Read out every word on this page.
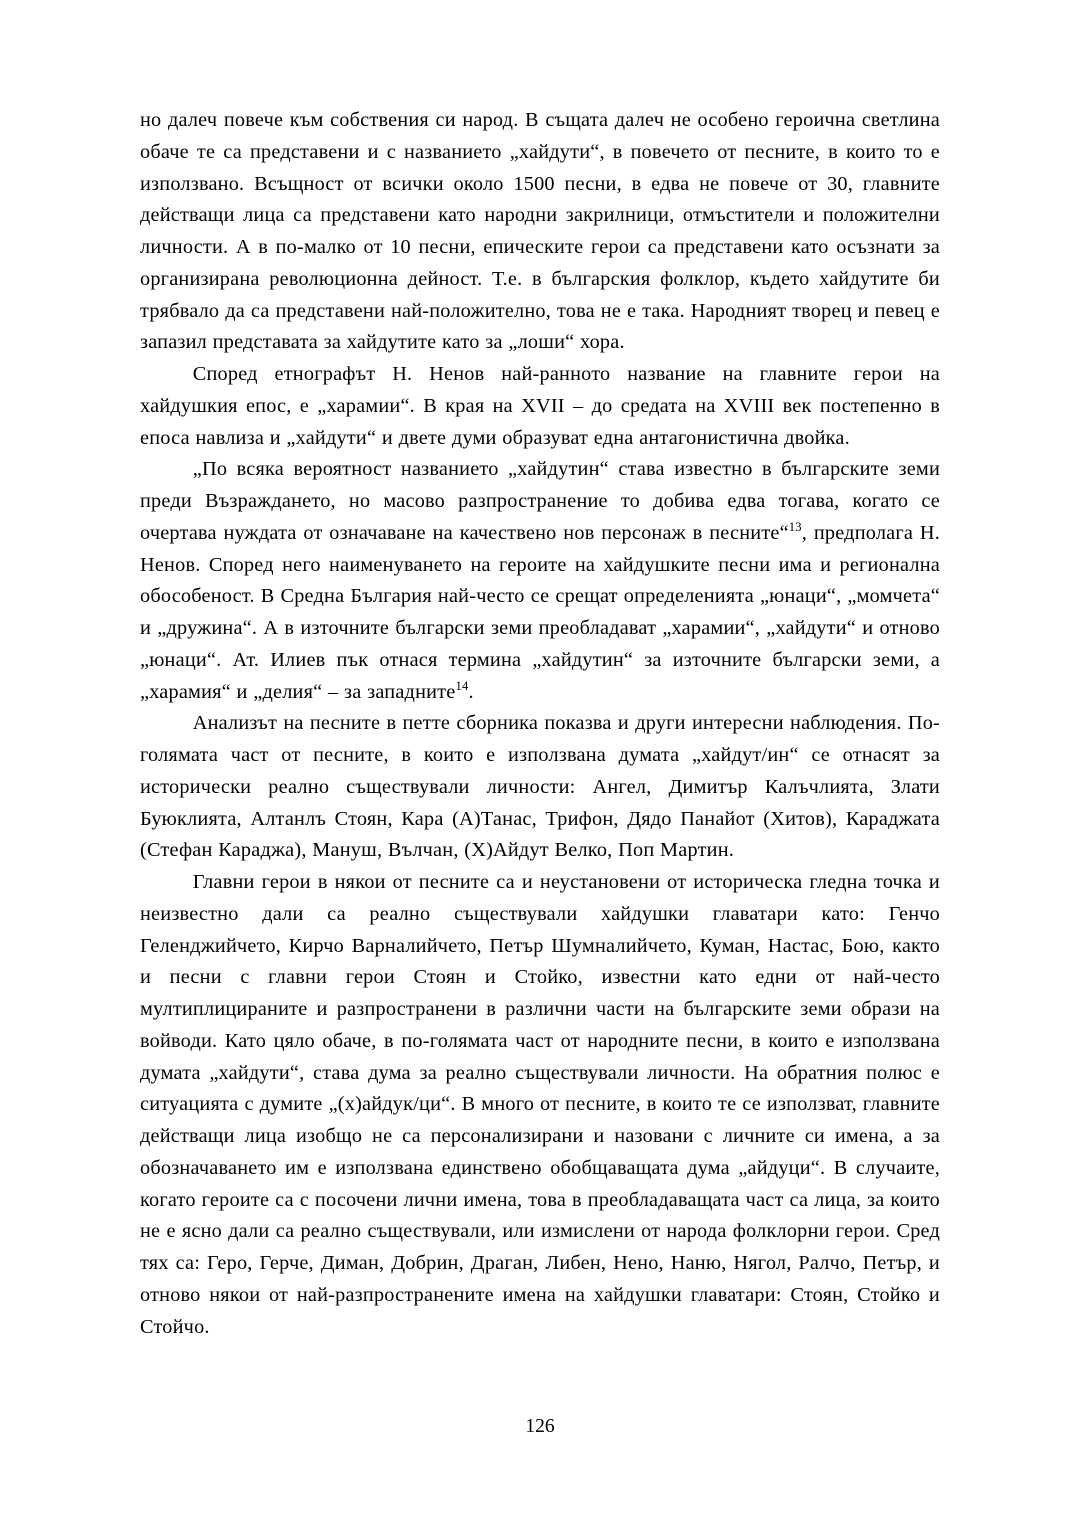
но далеч повече към собствения си народ. В същата далеч не особено героична светлина обаче те са представени и с названието „хайдути“, в повечето от песните, в които то е използвано. Всъщност от всички около 1500 песни, в едва не повече от 30, главните действащи лица са представени като народни закрилници, отмъстители и положителни личности. А в по-малко от 10 песни, епическите герои са представени като осъзнати за организирана революционна дейност. Т.е. в българския фолклор, където хайдутите би трябвало да са представени най-положително, това не е така. Народният творец и певец е запазил представата за хайдутите като за „лоши“ хора.

Според етнографът Н. Ненов най-ранното название на главните герои на хайдушкия епос, е „харамии“. В края на XVII – до средата на XVIII век постепенно в епоса навлиза и „хайдути“ и двете думи образуват една антагонистична двойка.

„По всяка вероятност названието „хайдутин“ става известно в българските земи преди Възраждането, но масово разпространение то добива едва тогава, когато се очертава нуждата от означаване на качествено нов персонаж в песните“$^{13}$, предполага Н. Ненов. Според него наименуването на героите на хайдушките песни има и регионална обособеност. В Средна България най-често се срещат определенията „юнаци“, „момчета“ и „дружина“. А в източните български земи преобладават „харамии“, „хайдути“ и отново „юнаци“. Ат. Илиев пък отнася термина „хайдутин“ за източните български земи, а „харамия“ и „делия“ – за западните$^{14}$.

Анализът на песните в петте сборника показва и други интересни наблюдения. По-голямата част от песните, в които е използвана думата „хайдут/ин“ се отнасят за исторически реално съществували личности: Ангел, Димитър Калъчлията, Злати Буюклията, Алтанлъ Стоян, Кара (А)Танас, Трифон, Дядо Панайот (Хитов), Караджата (Стефан Караджа), Мануш, Вълчан, (Х)Айдут Велко, Поп Мартин.

Главни герои в някои от песните са и неустановени от историческа гледна точка и неизвестно дали са реално съществували хайдушки главатари като: Генчо Геленджийчето, Кирчо Варналийчето, Петър Шумналийчето, Куман, Настас, Бою, както и песни с главни герои Стоян и Стойко, известни като едни от най-често мултиплицираните и разпространени в различни части на българските земи образи на войводи. Като цяло обаче, в по-голямата част от народните песни, в които е използвана думата „хайдути“, става дума за реално съществували личности. На обратния полюс е ситуацията с думите „(х)айдук/ци“. В много от песните, в които те се използват, главните действащи лица изобщо не са персонализирани и назовани с личните си имена, а за обозначаването им е използвана единствено обобщаващата дума „айдуци“. В случаите, когато героите са с посочени лични имена, това в преобладаващата част са лица, за които не е ясно дали са реално съществували, или измислени от народа фолклорни герои. Сред тях са: Геро, Герче, Диман, Добрин, Драган, Либен, Нено, Наню, Нягол, Ралчо, Петър, и отново някои от най-разпространените имена на хайдушки главатари: Стоян, Стойко и Стойчо.

126
